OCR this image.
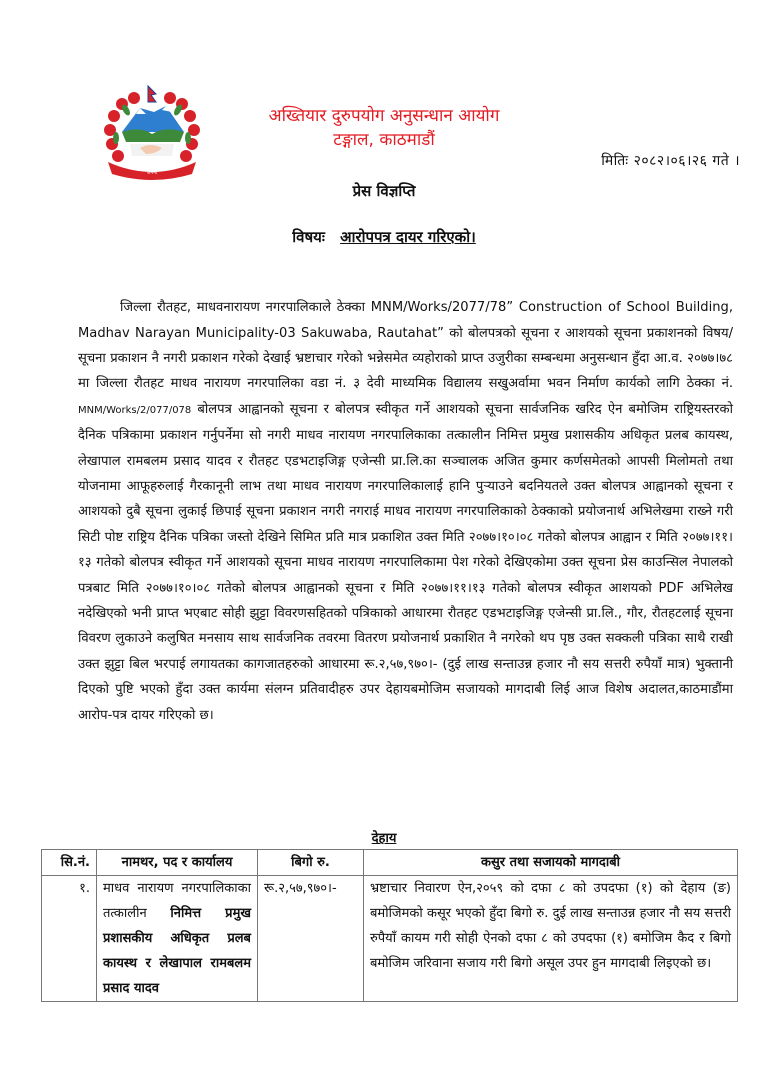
जननी
अख्तियार दुरुपयोग अनुसन्धान आयोग
टङ्गाल, काठमाडौं
मितिः २०८२।०६।२६ गते ।
प्रेस विज्ञप्ति
विषयः आरोपपत्र दायर गरिएको।

जिल्ला रौतहट, माधवनारायण नगरपालिकाले ठेक्का MNM/Works/2077/78” Construction of School Building, Madhav Narayan Municipality-03 Sakuwaba, Rautahat” को बोलपत्रको सूचना र आशयको सूचना प्रकाशनको विषय/सूचना प्रकाशन नै नगरी प्रकाशन गरेको देखाई भ्रष्टाचार गरेको भन्नेसमेत व्यहोराको प्राप्त उजुरीका सम्बन्धमा अनुसन्धान हुँदा आ.व. २०७७।७८ मा जिल्ला रौतहट माधव नारायण नगरपालिका वडा नं. ३ देवी माध्यमिक विद्यालय सखुअर्वामा भवन निर्माण कार्यको लागि ठेक्का नं. MNM/Works/2/077/078 बोलपत्र आह्वानको सूचना र बोलपत्र स्वीकृत गर्ने आशयको सूचना सार्वजनिक खरिद ऐन बमोजिम राष्ट्रियस्तरको दैनिक पत्रिकामा प्रकाशन गर्नुपर्नेमा सो नगरी माधव नारायण नगरपालिकाका तत्कालीन निमित्त प्रमुख प्रशासकीय अधिकृत प्रलब कायस्थ, लेखापाल रामबलम प्रसाद यादव र रौतहट एडभटाइजिङ्ग एजेन्सी प्रा.लि.का सञ्चालक अजित कुमार कर्णसमेतको आपसी मिलोमतो तथा योजनामा आफूहरुलाई गैरकानूनी लाभ तथा माधव नारायण नगरपालिकालाई हानि पुऱ्याउने बदनियतले उक्त बोलपत्र आह्वानको सूचना र आशयको दुबै सूचना लुकाई छिपाई सूचना प्रकाशन नगरी नगराई माधव नारायण नगरपालिकाको ठेक्काको प्रयोजनार्थ अभिलेखमा राख्ने गरी सिटी पोष्ट राष्ट्रिय दैनिक पत्रिका जस्तो देखिने सिमित प्रति मात्र प्रकाशित उक्त मिति २०७७।१०।०८ गतेको बोलपत्र आह्वान र मिति २०७७।११।१३ गतेको बोलपत्र स्वीकृत गर्ने आशयको सूचना माधव नारायण नगरपालिकामा पेश गरेको देखिएकोमा उक्त सूचना प्रेस काउन्सिल नेपालको पत्रबाट मिति २०७७।१०।०८ गतेको बोलपत्र आह्वानको सूचना र मिति २०७७।११।१३ गतेको बोलपत्र स्वीकृत आशयको PDF अभिलेख नदेखिएको भनी प्राप्त भएबाट सोही झुट्टा विवरणसहितको पत्रिकाको आधारमा रौतहट एडभटाइजिङ्ग एजेन्सी प्रा.लि., गौर, रौतहटलाई सूचना विवरण लुकाउने कलुषित मनसाय साथ सार्वजनिक तवरमा वितरण प्रयोजनार्थ प्रकाशित नै नगरेको थप पृष्ठ उक्त सक्कली पत्रिका साथै राखी उक्त झुट्टा बिल भरपाई लगायतका कागजातहरुको आधारमा रू.२,५७,९७०।- (दुई लाख सन्ताउन्न हजार नौ सय सत्तरी रुपैयाँ मात्र) भुक्तानी दिएको पुष्टि भएको हुँदा उक्त कार्यमा संलग्न प्रतिवादीहरु उपर देहायबमोजिम सजायको मागदाबी लिई आज विशेष अदालत,काठमाडौंमा आरोप-पत्र दायर गरिएको छ।

देहाय
सि.नं.	नामथर, पद र कार्यालय	बिगो रु.	कसुर तथा सजायको मागदाबी
१.	माधव नारायण नगरपालिकाका तत्कालीन निमित्त प्रमुख प्रशासकीय अधिकृत प्रलब कायस्थ र लेखापाल रामबलम प्रसाद यादव	रू.२,५७,९७०।-	भ्रष्टाचार निवारण ऐन,२०५९ को दफा ८ को उपदफा (१) को देहाय (ङ) बमोजिमको कसूर भएको हुँदा बिगो रु. दुई लाख सन्ताउन्न हजार नौ सय सत्तरी रुपैयाँ कायम गरी सोही ऐनको दफा ८ को उपदफा (१) बमोजिम कैद र बिगो बमोजिम जरिवाना सजाय गरी बिगो असूल उपर हुन मागदाबी लिइएको छ।
